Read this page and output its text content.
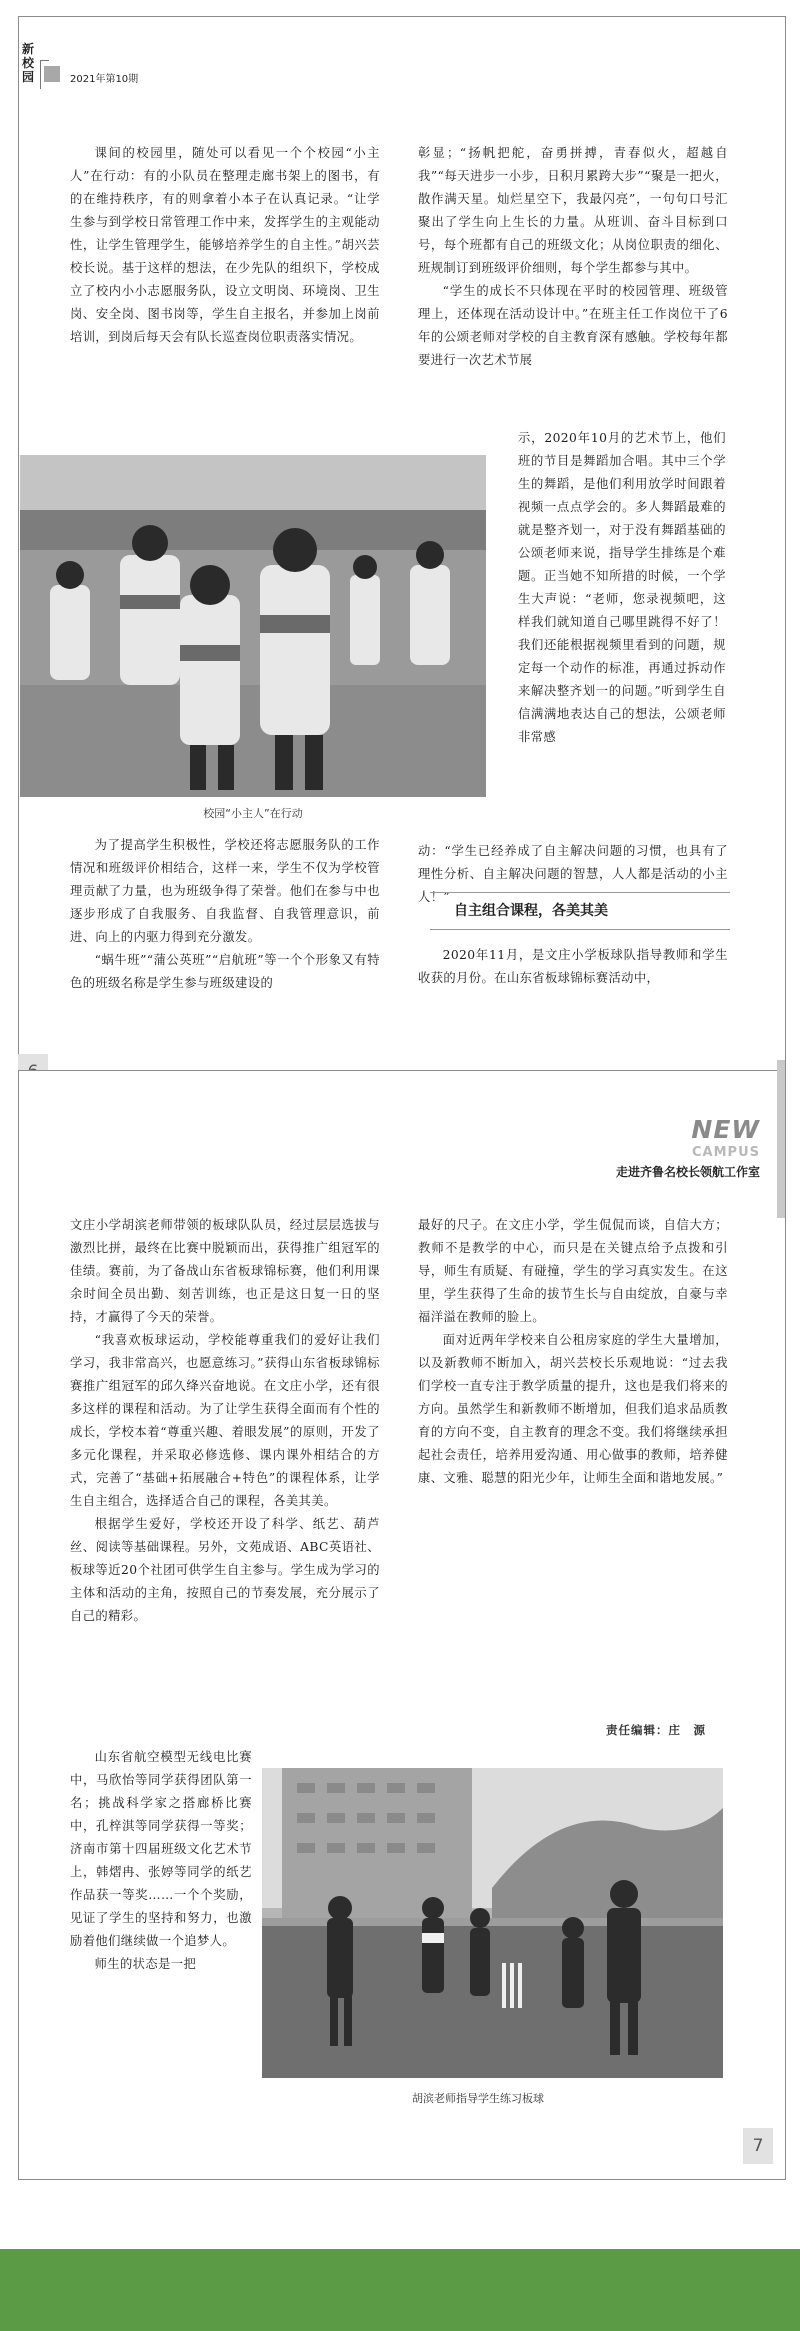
新校园	2021年第10期

课间的校园里，随处可以看见一个个校园“小主人”在行动：有的小队员在整理走廊书架上的图书，有的在维持秩序，有的则拿着小本子在认真记录。“让学生参与到学校日常管理工作中来，发挥学生的主观能动性，让学生管理学生，能够培养学生的自主性。”胡兴芸校长说。基于这样的想法，在少先队的组织下，学校成立了校内小小志愿服务队，设立文明岗、环境岗、卫生岗、安全岗、图书岗等，学生自主报名，并参加上岗前培训，到岗后每天会有队长巡查岗位职责落实情况。

校园“小主人”在行动

为了提高学生积极性，学校还将志愿服务队的工作情况和班级评价相结合，这样一来，学生不仅为学校管理贡献了力量，也为班级争得了荣誉。他们在参与中也逐步形成了自我服务、自我监督、自我管理意识，前进、向上的内驱力得到充分激发。

“蜗牛班”“蒲公英班”“启航班”等一个个形象又有特色的班级名称是学生参与班级建设的

彰显；“扬帆把舵，奋勇拼搏，青春似火，超越自我”“每天进步一小步，日积月累跨大步”“聚是一把火，散作满天星。灿烂星空下，我最闪亮”，一句句口号汇聚出了学生向上生长的力量。从班训、奋斗目标到口号，每个班都有自己的班级文化；从岗位职责的细化、班规制订到班级评价细则，每个学生都参与其中。

“学生的成长不只体现在平时的校园管理、班级管理上，还体现在活动设计中。”在班主任工作岗位干了6年的公颂老师对学校的自主教育深有感触。学校每年都要进行一次艺术节展

示，2020年10月的艺术节上，他们班的节目是舞蹈加合唱。其中三个学生的舞蹈，是他们利用放学时间跟着视频一点点学会的。多人舞蹈最难的就是整齐划一，对于没有舞蹈基础的公颂老师来说，指导学生排练是个难题。正当她不知所措的时候，一个学生大声说：“老师，您录视频吧，这样我们就知道自己哪里跳得不好了！我们还能根据视频里看到的问题，规定每一个动作的标准，再通过拆动作来解决整齐划一的问题。”听到学生自信满满地表达自己的想法，公颂老师非常感

动：“学生已经养成了自主解决问题的习惯，也具有了理性分析、自主解决问题的智慧，人人都是活动的小主人！”

自主组合课程，各美其美

2020年11月，是文庄小学板球队指导教师和学生收获的月份。在山东省板球锦标赛活动中，

NEW
CAMPUS
走进齐鲁名校长领航工作室

文庄小学胡滨老师带领的板球队队员，经过层层选拔与激烈比拼，最终在比赛中脱颖而出，获得推广组冠军的佳绩。赛前，为了备战山东省板球锦标赛，他们利用课余时间全员出勤、刻苦训练，也正是这日复一日的坚持，才赢得了今天的荣誉。

“我喜欢板球运动，学校能尊重我们的爱好让我们学习，我非常高兴，也愿意练习。”获得山东省板球锦标赛推广组冠军的邱久绛兴奋地说。在文庄小学，还有很多这样的课程和活动。为了让学生获得全面而有个性的成长，学校本着“尊重兴趣、着眼发展”的原则，开发了多元化课程，并采取必修选修、课内课外相结合的方式，完善了“基础+拓展融合+特色”的课程体系，让学生自主组合，选择适合自己的课程，各美其美。

根据学生爱好，学校还开设了科学、纸艺、葫芦丝、阅读等基础课程。另外，文苑成语、ABC英语社、板球等近20个社团可供学生自主参与。学生成为学习的主体和活动的主角，按照自己的节奏发展，充分展示了自己的精彩。

山东省航空模型无线电比赛中，马欣怡等同学获得团队第一名；挑战科学家之搭廊桥比赛中，孔梓淇等同学获得一等奖；济南市第十四届班级文化艺术节上，韩熠冉、张婷等同学的纸艺作品获一等奖……一个个奖励，见证了学生的坚持和努力，也激励着他们继续做一个追梦人。

师生的状态是一把

最好的尺子。在文庄小学，学生侃侃而谈，自信大方；教师不是教学的中心，而只是在关键点给予点拨和引导，师生有质疑、有碰撞，学生的学习真实发生。在这里，学生获得了生命的拔节生长与自由绽放，自豪与幸福洋溢在教师的脸上。

面对近两年学校来自公租房家庭的学生大量增加，以及新教师不断加入，胡兴芸校长乐观地说：“过去我们学校一直专注于教学质量的提升，这也是我们将来的方向。虽然学生和新教师不断增加，但我们追求品质教育的方向不变，自主教育的理念不变。我们将继续承担起社会责任，培养用爱沟通、用心做事的教师，培养健康、文雅、聪慧的阳光少年，让师生全面和谐地发展。”

责任编辑：庄　源

胡滨老师指导学生练习板球

7
